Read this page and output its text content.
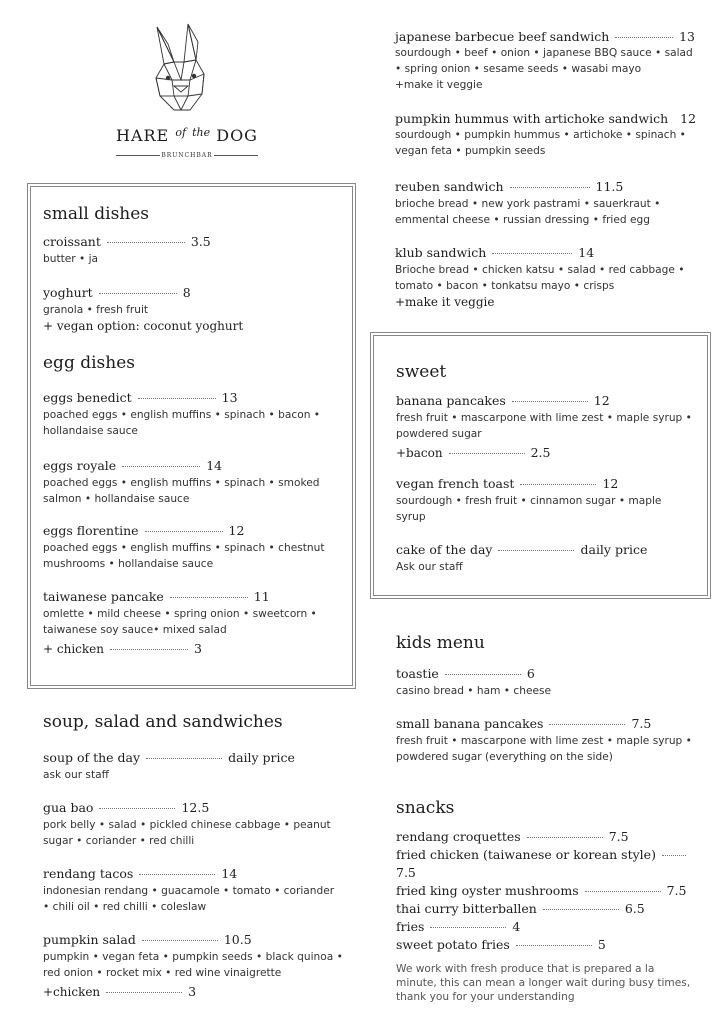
HARE $^{of}$ $^{the}$ DOG
BRUNCHBAR
small dishes
croissant	3.5
butter • ja
yoghurt	8
granola • fresh fruit
+ vegan option: coconut yoghurt
egg dishes
eggs benedict	13
poached eggs • english muffins • spinach • bacon • hollandaise sauce
eggs royale	14
poached eggs • english muffins • spinach • smoked salmon • hollandaise sauce
eggs florentine	12
poached eggs • english muffins • spinach • chestnut mushrooms • hollandaise sauce
taiwanese pancake	11
omlette • mild cheese • spring onion • sweetcorn • taiwanese soy sauce• mixed salad
+ chicken	3
soup, salad and sandwiches
soup of the day	daily price
ask our staff
gua bao	12.5
pork belly • salad • pickled chinese cabbage • peanut sugar • coriander • red chilli
rendang tacos	14
indonesian rendang • guacamole • tomato • coriander • chili oil • red chilli • coleslaw
pumpkin salad	10.5
pumpkin • vegan feta • pumpkin seeds • black quinoa • red onion • rocket mix • red wine vinaigrette
+chicken	3
japanese barbecue beef sandwich	13
sourdough • beef • onion • japanese BBQ sauce • salad • spring onion • sesame seeds • wasabi mayo
+make it veggie
pumpkin hummus with artichoke sandwich 12
sourdough • pumpkin hummus • artichoke • spinach • vegan feta • pumpkin seeds
reuben sandwich	11.5
brioche bread • new york pastrami • sauerkraut • emmental cheese • russian dressing • fried egg
klub sandwich	14
Brioche bread • chicken katsu • salad • red cabbage • tomato • bacon • tonkatsu mayo • crisps
+make it veggie
sweet
banana pancakes	12
fresh fruit • mascarpone with lime zest • maple syrup • powdered sugar
+bacon	2.5
vegan french toast	12
sourdough • fresh fruit • cinnamon sugar • maple syrup
cake of the day	daily price
Ask our staff
kids menu
toastie	6
casino bread • ham • cheese
small banana pancakes	7.5
fresh fruit • mascarpone with lime zest • maple syrup • powdered sugar (everything on the side)
snacks
rendang croquettes	7.5
fried chicken (taiwanese or korean style)7.5
fried king oyster mushrooms	7.5
thai curry bitterballen	6.5
fries	4
sweet potato fries	5
We work with fresh produce that is prepared a la minute, this can mean a longer wait during busy times, thank you for your understanding
